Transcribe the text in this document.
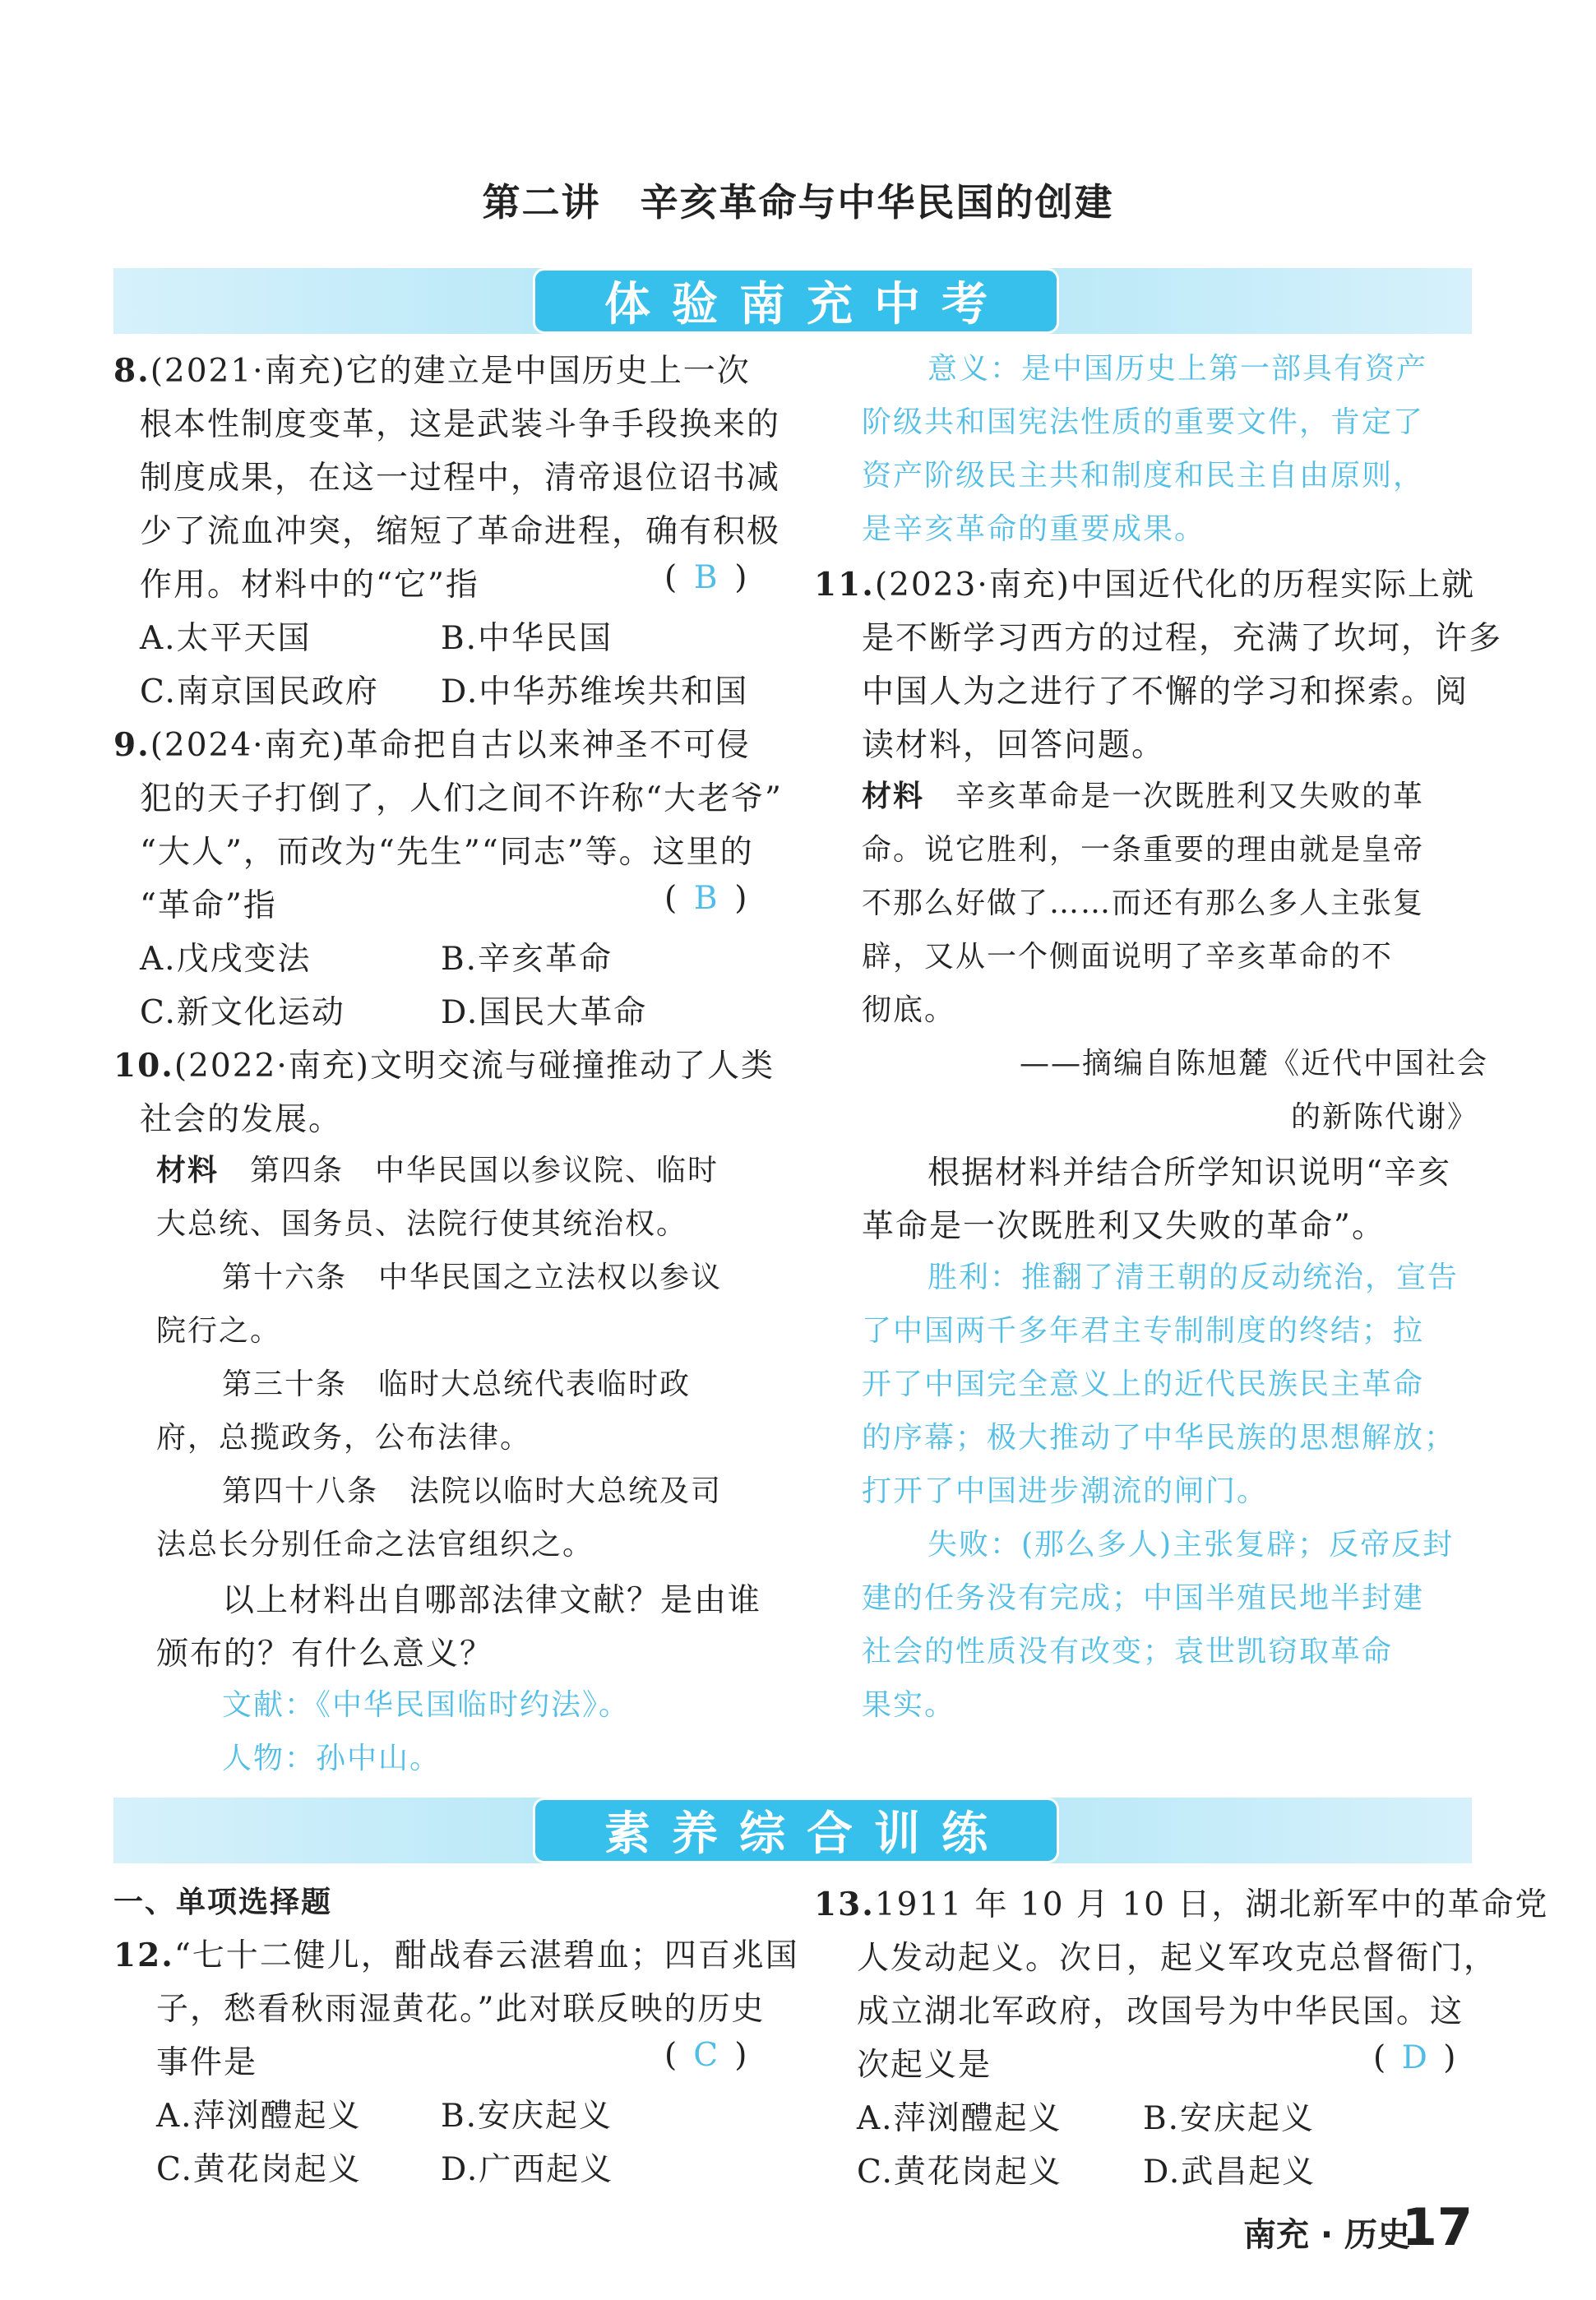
第二讲　辛亥革命与中华民国的创建
体验南充中考
8.(2021·南充)它的建立是中国历史上一次
根本性制度变革，这是武装斗争手段换来的
制度成果，在这一过程中，清帝退位诏书减
少了流血冲突，缩短了革命进程，确有积极
作用。材料中的“它”指	( B )
A.太平天国	B.中华民国
C.南京国民政府 D.中华苏维埃共和国
9.(2024·南充)革命把自古以来神圣不可侵
犯的天子打倒了，人们之间不许称“大老爷”
“大人”，而改为“先生”“同志”等。这里的
“革命”指	( B )
A.戊戌变法	B.辛亥革命
C.新文化运动	D.国民大革命
10.(2022·南充)文明交流与碰撞推动了人类
社会的发展。
材料　 第四条　中华民国以参议院、临时
大总统、国务员、法院行使其统治权。
第十六条　中华民国之立法权以参议
院行之。
第三十条　临时大总统代表临时政
府，总揽政务，公布法律。
第四十八条　法院以临时大总统及司
法总长分别任命之法官组织之。
以上材料出自哪部法律文献？是由谁
颁布的？有什么意义？
文献：《中华民国临时约法》。
人物：孙中山。
意义：是中国历史上第一部具有资产
阶级共和国宪法性质的重要文件，肯定了
资产阶级民主共和制度和民主自由原则，
是辛亥革命的重要成果。
11.(2023·南充)中国近代化的历程实际上就
是不断学习西方的过程，充满了坎坷，许多
中国人为之进行了不懈的学习和探索。阅
读材料，回答问题。
材料　 辛亥革命是一次既胜利又失败的革
命。说它胜利，一条重要的理由就是皇帝
不那么好做了……而还有那么多人主张复
辟，又从一个侧面说明了辛亥革命的不
彻底。
——摘编自陈旭麓《近代中国社会
的新陈代谢》
根据材料并结合所学知识说明“辛亥
革命是一次既胜利又失败的革命”。
胜利：推翻了清王朝的反动统治，宣告
了中国两千多年君主专制制度的终结；拉
开了中国完全意义上的近代民族民主革命
的序幕；极大推动了中华民族的思想解放；
打开了中国进步潮流的闸门。
失败：(那么多人)主张复辟；反帝反封
建的任务没有完成；中国半殖民地半封建
社会的性质没有改变；袁世凯窃取革命
果实。
素养综合训练
一、单项选择题
12.“七十二健儿，酣战春云湛碧血；四百兆国
子，愁看秋雨湿黄花。”此对联反映的历史
事件是	( C )
A.萍浏醴起义 B.安庆起义
C.黄花岗起义 D.广西起义
13.1911 年 10 月 10 日，湖北新军中的革命党
人发动起义。次日，起义军攻克总督衙门，
成立湖北军政府，改国号为中华民国。这
次起义是	( D )
A.萍浏醴起义	B.安庆起义
C.黄花岗起义	D.武昌起义
南充 · 历史
17
